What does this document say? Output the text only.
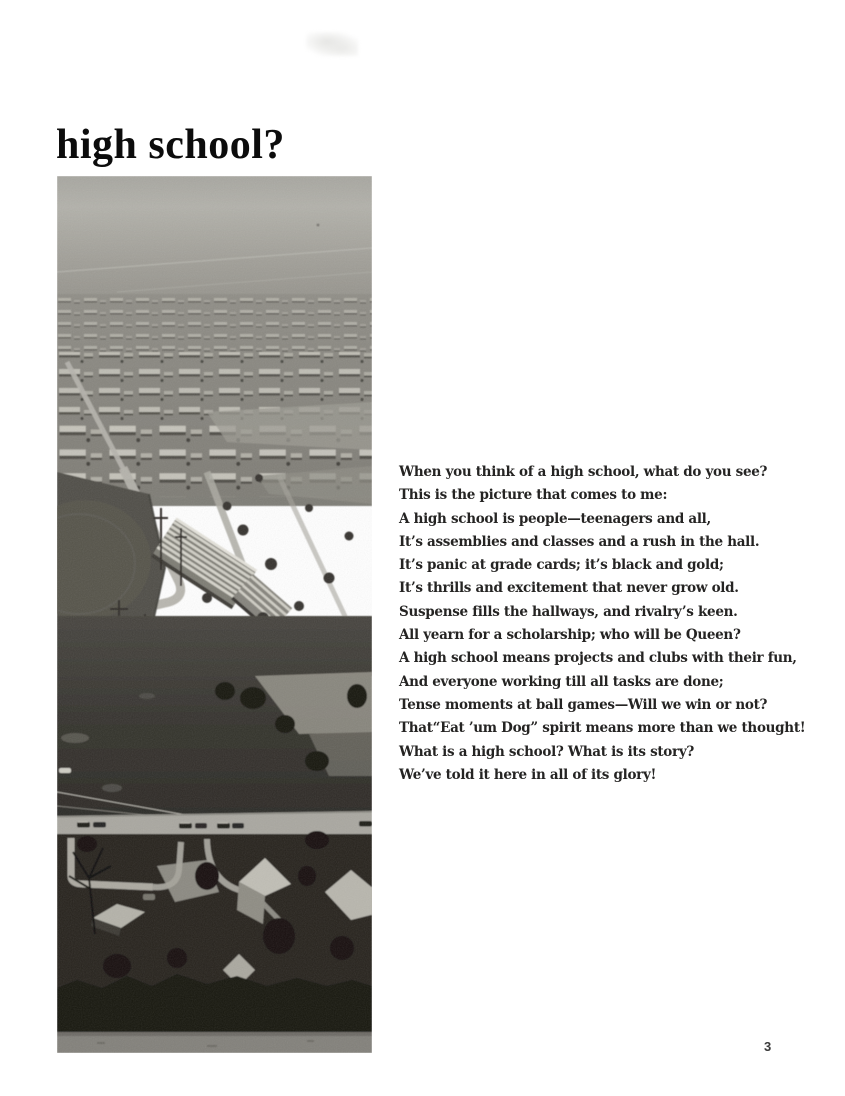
high school?
When you think of a high school, what do you see?
This is the picture that comes to me:
A high school is people—teenagers and all,
It’s assemblies and classes and a rush in the hall.
It’s panic at grade cards; it’s black and gold;
It’s thrills and excitement that never grow old.
Suspense fills the hallways, and rivalry’s keen.
All yearn for a scholarship; who will be Queen?
A high school means projects and clubs with their fun,
And everyone working till all tasks are done;
Tense moments at ball games—Will we win or not?
That“Eat ’um Dog” spirit means more than we thought!
What is a high school? What is its story?
We’ve told it here in all of its glory!
3
